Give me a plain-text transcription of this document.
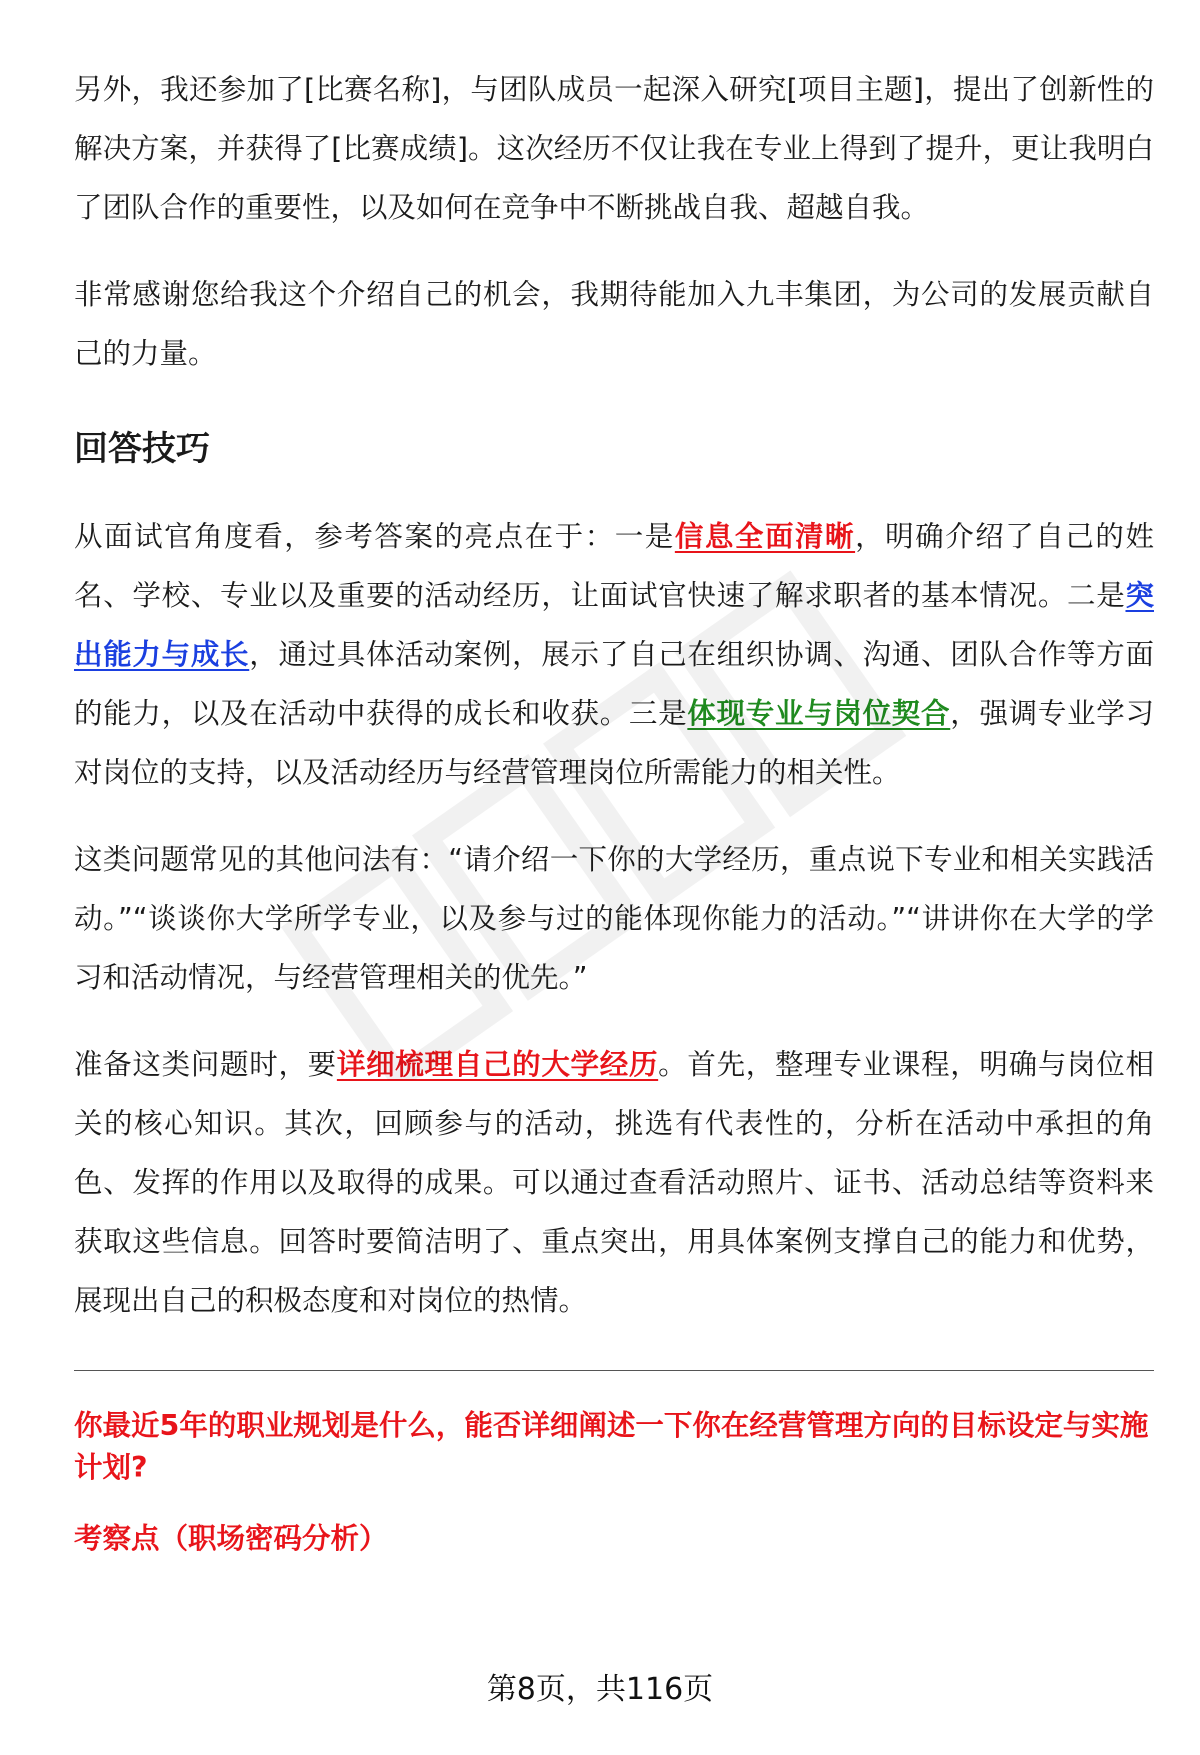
另外，我还参加了[比赛名称]，与团队成员一起深入研究[项目主题]，提出了创新性的解决方案，并获得了[比赛成绩]。这次经历不仅让我在专业上得到了提升，更让我明白了团队合作的重要性，以及如何在竞争中不断挑战自我、超越自我。

非常感谢您给我这个介绍自己的机会，我期待能加入九丰集团，为公司的发展贡献自己的力量。

回答技巧

从面试官角度看，参考答案的亮点在于：一是信息全面清晰，明确介绍了自己的姓名、学校、专业以及重要的活动经历，让面试官快速了解求职者的基本情况。二是突出能力与成长，通过具体活动案例，展示了自己在组织协调、沟通、团队合作等方面的能力，以及在活动中获得的成长和收获。三是体现专业与岗位契合，强调专业学习对岗位的支持，以及活动经历与经营管理岗位所需能力的相关性。

这类问题常见的其他问法有：“请介绍一下你的大学经历，重点说下专业和相关实践活动。”“谈谈你大学所学专业，以及参与过的能体现你能力的活动。”“讲讲你在大学的学习和活动情况，与经营管理相关的优先。”

准备这类问题时，要详细梳理自己的大学经历。首先，整理专业课程，明确与岗位相关的核心知识。其次，回顾参与的活动，挑选有代表性的，分析在活动中承担的角色、发挥的作用以及取得的成果。可以通过查看活动照片、证书、活动总结等资料来获取这些信息。回答时要简洁明了、重点突出，用具体案例支撑自己的能力和优势，展现出自己的积极态度和对岗位的热情。

你最近5年的职业规划是什么，能否详细阐述一下你在经营管理方向的目标设定与实施计划?
考察点（职场密码分析）
第8页，共116页
